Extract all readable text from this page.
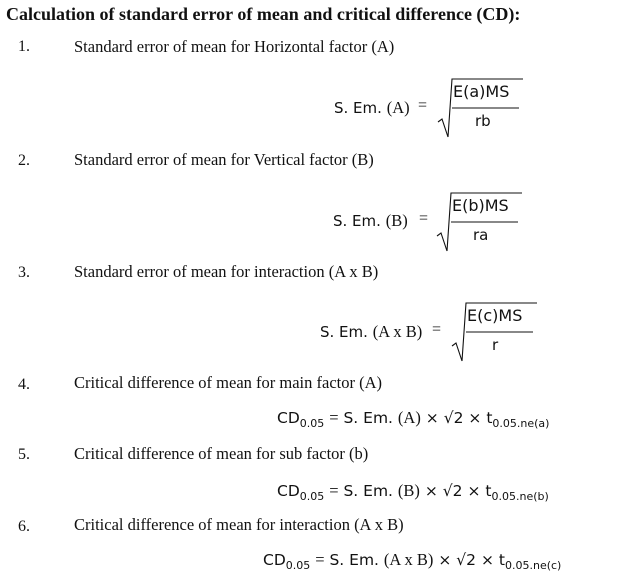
Calculation of standard error of mean and critical difference (CD):
1.	Standard error of mean for Horizontal factor (A)
S. Em. (A) =
E(a)MS
rb
2.	Standard error of mean for Vertical factor (B)
S. Em. (B) =
E(b)MS
ra
3.	Standard error of mean for interaction (A x B)
S. Em. (A x B) =
E(c)MS
r
4.	Critical difference of mean for main factor (A)
$CD_{0.05} = S$. Em. $(A) \times √2 \times t_{0.05.ne(a)}$
5.	Critical difference of mean for sub factor (b)
$CD_{0.05} = S$. Em. $(B) \times √2 \times t_{0.05.ne(b)}$
6.	Critical difference of mean for interaction (A x B)
$CD_{0.05} = S$. Em. (A x $B) \times √2 \times t_{0.05.ne(c)}$
